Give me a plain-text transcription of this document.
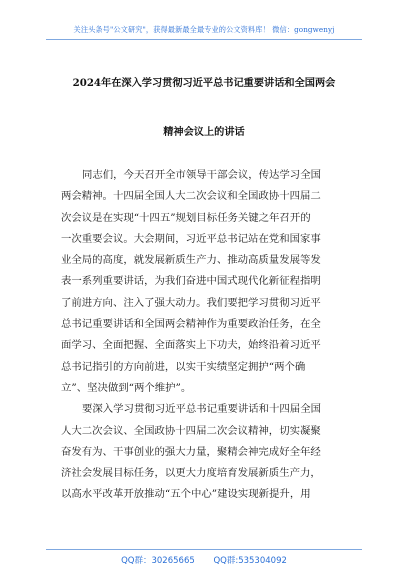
关注头条号"公文研究"，获得最新最全最专业的公文资料库！ 微信：gongwenyj
2024年在深入学习贯彻习近平总书记重要讲话和全国两会
精神会议上的讲话
同志们，今天召开全市领导干部会议，传达学习全国
两会精神。十四届全国人大二次会议和全国政协十四届二
次会议是在实现“十四五”规划目标任务关键之年召开的
一次重要会议。大会期间，习近平总书记站在党和国家事
业全局的高度，就发展新质生产力、推动高质量发展等发
表一系列重要讲话，为我们奋进中国式现代化新征程指明
了前进方向、注入了强大动力。我们要把学习贯彻习近平
总书记重要讲话和全国两会精神作为重要政治任务，在全
面学习、全面把握、全面落实上下功夫，始终沿着习近平
总书记指引的方向前进，以实干实绩坚定拥护“两个确
立”、坚决做到“两个维护”。
要深入学习贯彻习近平总书记重要讲话和十四届全国
人大二次会议、全国政协十四届二次会议精神，切实凝聚
奋发有为、干事创业的强大力量，聚精会神完成好全年经
济社会发展目标任务，以更大力度培育发展新质生产力，
以高水平改革开放推动“五个中心”建设实现新提升，用
QQ群：30265665 QQ群:535304092
